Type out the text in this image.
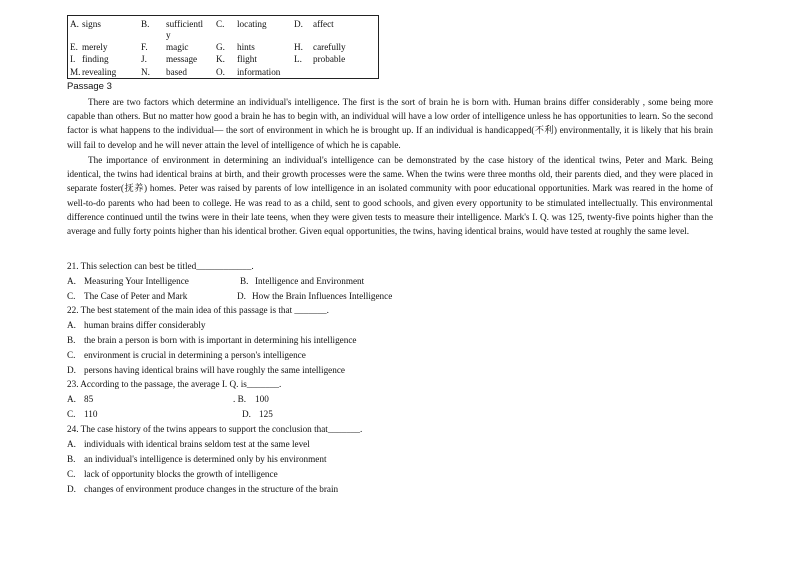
A. signs	B. sufficientl C. locating	D. affect
y
E. merely	F. magic	G. hints	H. carefully
I. finding	J. message K. flight	L. probable
M. revealing	N. based	O. information
Passage 3

There are two factors which determine an individual's intelligence. The first is the sort of brain he is born with. Human brains differ considerably , some being more capable than others. But no matter how good a brain he has to begin with, an individual will have a low order of intelligence unless he has opportunities to learn. So the second factor is what happens to the individual— the sort of environment in which he is brought up. If an individual is handicapped(不利) environmentally, it is likely that his brain will fail to develop and he will never attain the level of intelligence of which he is capable.

The importance of environment in determining an individual's intelligence can be demonstrated by the case history of the identical twins, Peter and Mark. Being identical, the twins had identical brains at birth, and their growth processes were the same. When the twins were three months old, their parents died, and they were placed in separate foster(抚养) homes. Peter was raised by parents of low intelligence in an isolated community with poor educational opportunities. Mark was reared in the home of well-to-do parents who had been to college. He was read to as a child, sent to good schools, and given every opportunity to be stimulated intellectually. This environmental difference continued until the twins were in their late teens, when they were given tests to measure their intelligence. Mark's I. Q. was 125, twenty-five points higher than the average and fully forty points higher than his identical brother. Given equal opportunities, the twins, having identical brains, would have tested at roughly the same level.

21. This selection can best be titled____________.
A. Measuring Your Intelligence	B. Intelligence and Environment
C. The Case of Peter and Mark	D. How the Brain Influences Intelligence
22. The best statement of the main idea of this passage is that _______.
A. human brains differ considerably
B. the brain a person is born with is important in determining his intelligence
C. environment is crucial in determining a person's intelligence
D. persons having identical brains will have roughly the same intelligence
23. According to the passage, the average I. Q. is_______.
A. 85	. B. 100
C. 110	D. 125
24. The case history of the twins appears to support the conclusion that_______.
A. individuals with identical brains seldom test at the same level
B. an individual's intelligence is determined only by his environment
C. lack of opportunity blocks the growth of intelligence
D. changes of environment produce changes in the structure of the brain
